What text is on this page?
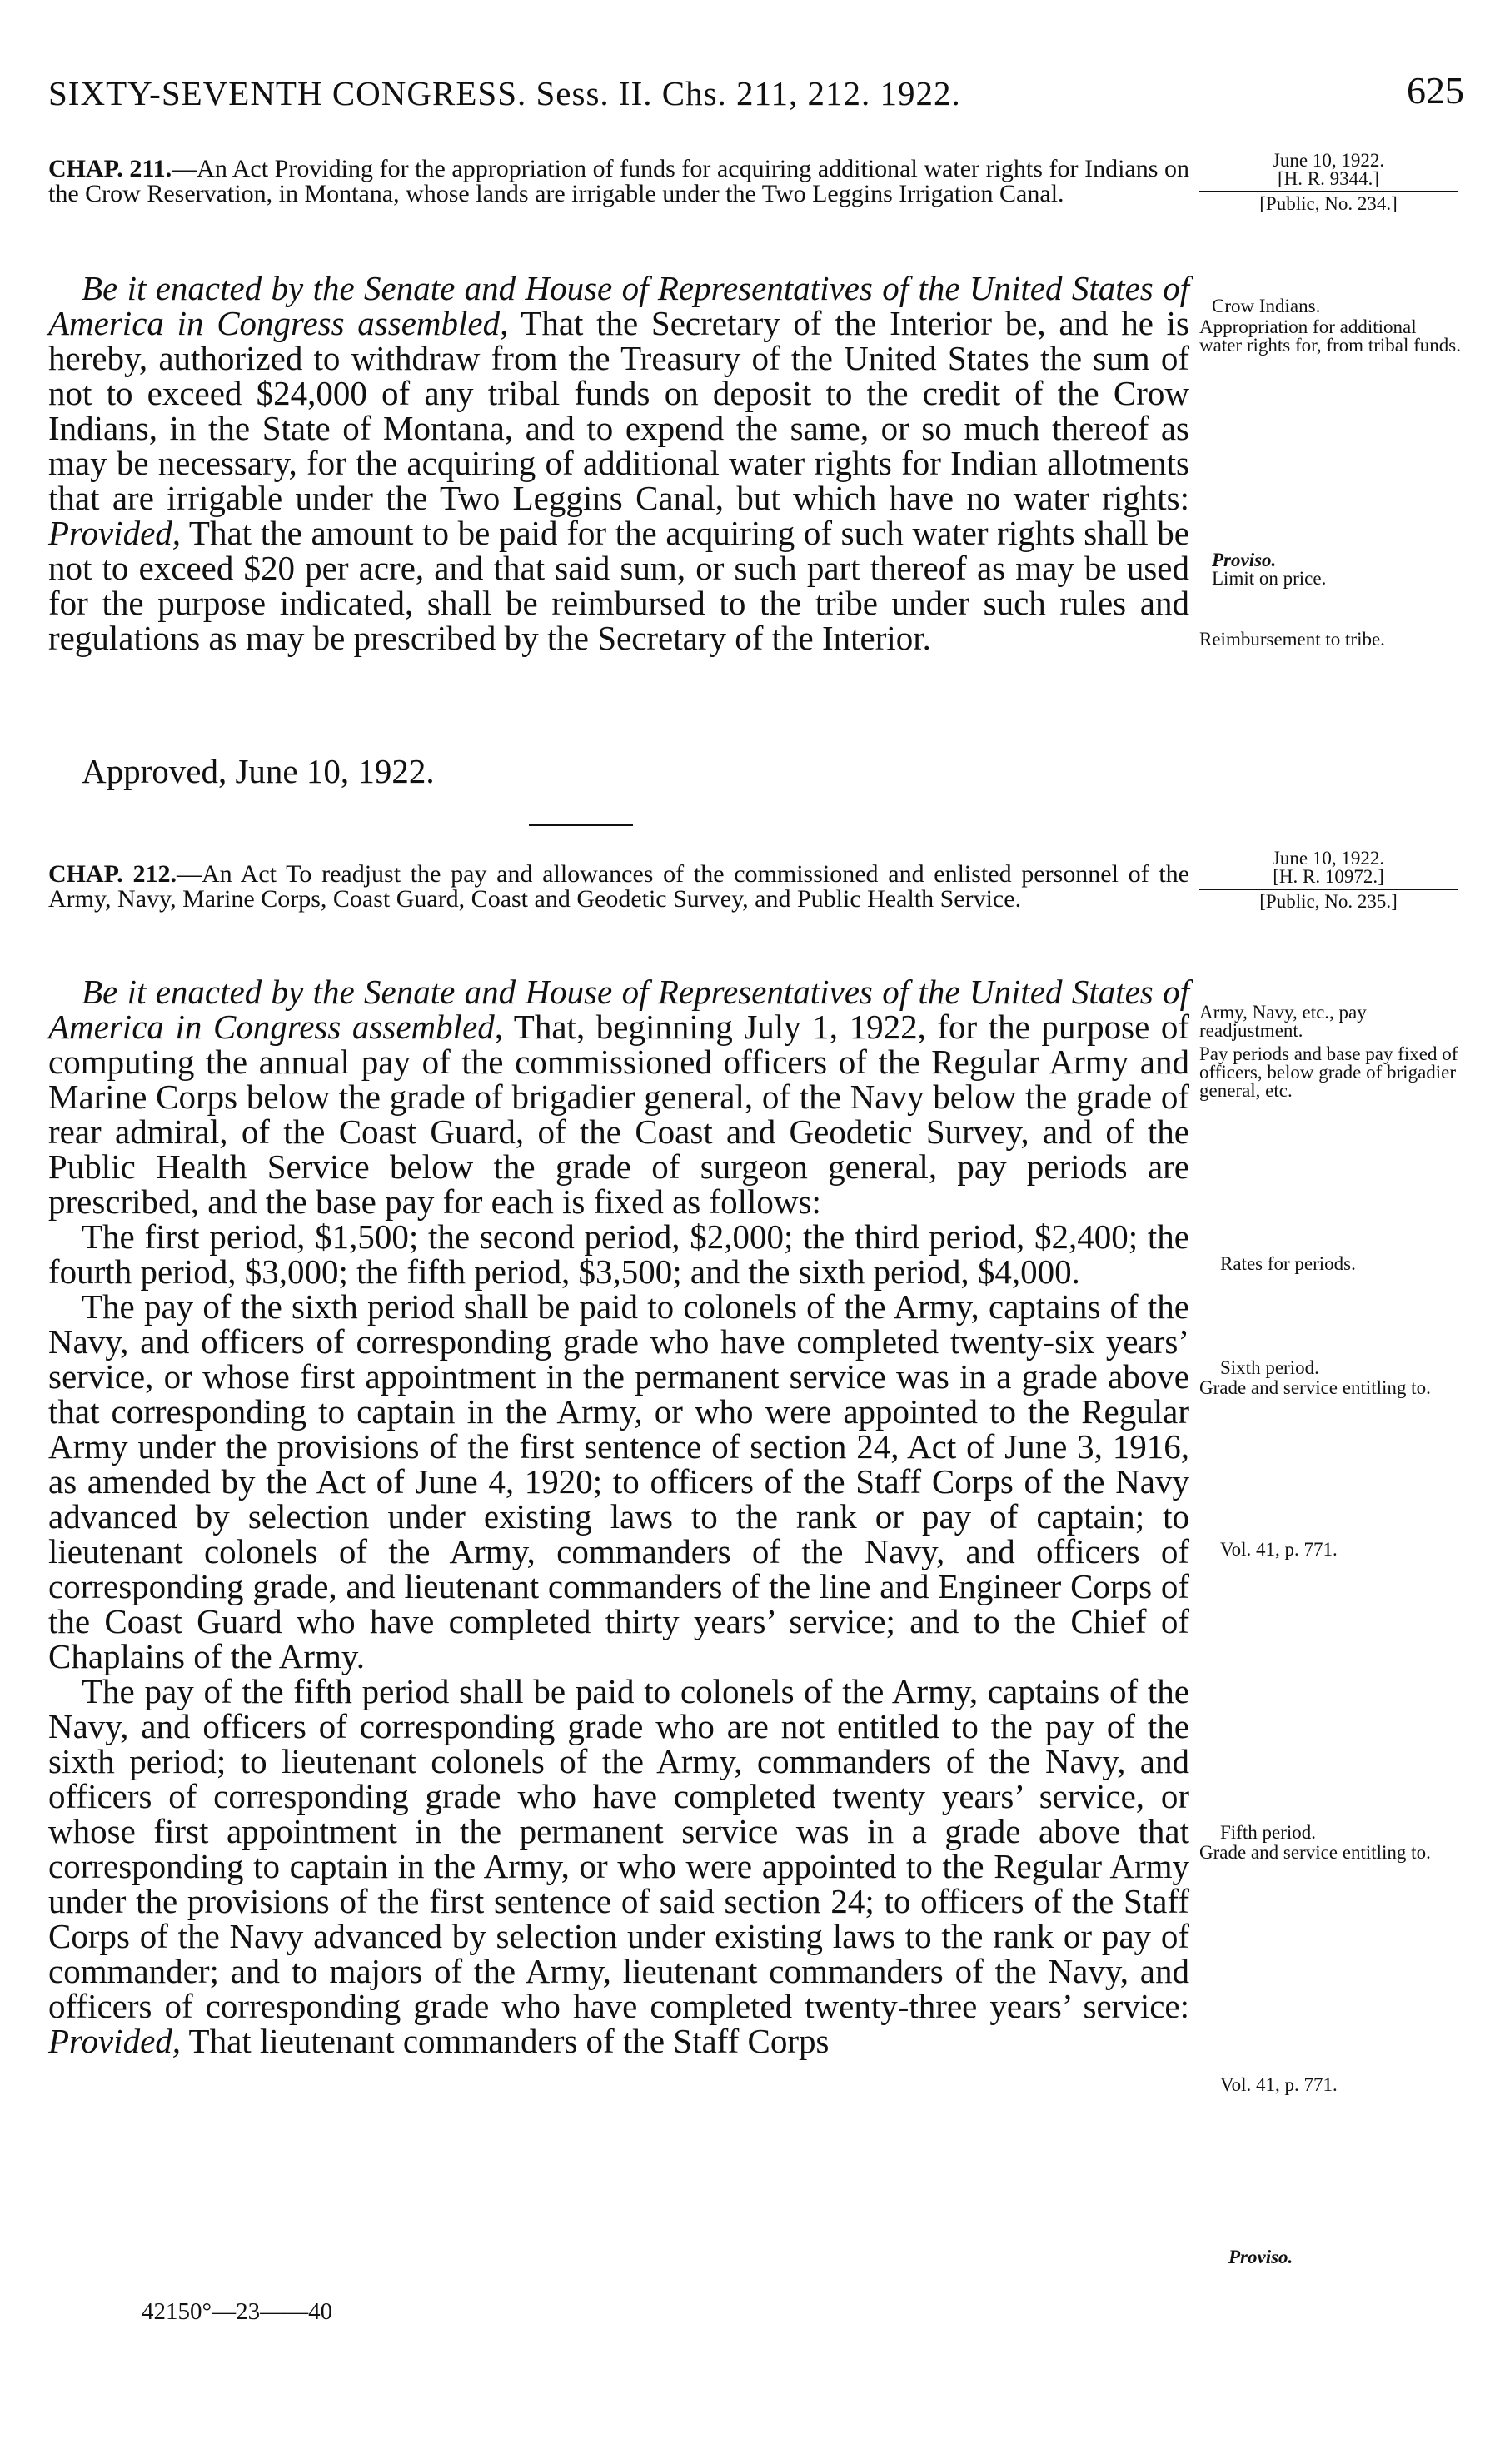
SIXTY-SEVENTH CONGRESS. Sess. II. Chs. 211, 212. 1922.	625
CHAP. 211.—An Act Providing for the appropriation of funds for acquiring additional water rights for Indians on the Crow Reservation, in Montana, whose lands are irrigable under the Two Leggins Irrigation Canal.
June 10, 1922.
[H. R. 9344.]
[Public, No. 234.]

Be it enacted by the Senate and House of Representatives of the United States of America in Congress assembled, That the Secretary of the Interior be, and he is hereby, authorized to withdraw from the Treasury of the United States the sum of not to exceed $24,000 of any tribal funds on deposit to the credit of the Crow Indians, in the State of Montana, and to expend the same, or so much thereof as may be necessary, for the acquiring of additional water rights for Indian allotments that are irrigable under the Two Leggins Canal, but which have no water rights: Provided, That the amount to be paid for the acquiring of such water rights shall be not to exceed $20 per acre, and that said sum, or such part thereof as may be used for the purpose indicated, shall be reimbursed to the tribe under such rules and regulations as may be prescribed by the Secretary of the Interior.

Approved, June 10, 1922.
Crow Indians.
Appropriation for additional water rights for, from tribal funds.
Proviso.
Limit on price.
Reimbursement to tribe.
CHAP. 212.—An Act To readjust the pay and allowances of the commissioned and enlisted personnel of the Army, Navy, Marine Corps, Coast Guard, Coast and Geodetic Survey, and Public Health Service.
June 10, 1922.
[H. R. 10972.]
[Public, No. 235.]

Be it enacted by the Senate and House of Representatives of the United States of America in Congress assembled, That, beginning July 1, 1922, for the purpose of computing the annual pay of the commissioned officers of the Regular Army and Marine Corps below the grade of brigadier general, of the Navy below the grade of rear admiral, of the Coast Guard, of the Coast and Geodetic Survey, and of the Public Health Service below the grade of surgeon general, pay periods are prescribed, and the base pay for each is fixed as follows:

The first period, $1,500; the second period, $2,000; the third period, $2,400; the fourth period, $3,000; the fifth period, $3,500; and the sixth period, $4,000.

The pay of the sixth period shall be paid to colonels of the Army, captains of the Navy, and officers of corresponding grade who have completed twenty-six years’ service, or whose first appointment in the permanent service was in a grade above that corresponding to captain in the Army, or who were appointed to the Regular Army under the provisions of the first sentence of section 24, Act of June 3, 1916, as amended by the Act of June 4, 1920; to officers of the Staff Corps of the Navy advanced by selection under existing laws to the rank or pay of captain; to lieutenant colonels of the Army, commanders of the Navy, and officers of corresponding grade, and lieutenant commanders of the line and Engineer Corps of the Coast Guard who have completed thirty years’ service; and to the Chief of Chaplains of the Army.

The pay of the fifth period shall be paid to colonels of the Army, captains of the Navy, and officers of corresponding grade who are not entitled to the pay of the sixth period; to lieutenant colonels of the Army, commanders of the Navy, and officers of corresponding grade who have completed twenty years’ service, or whose first appointment in the permanent service was in a grade above that corresponding to captain in the Army, or who were appointed to the Regular Army under the provisions of the first sentence of said section 24; to officers of the Staff Corps of the Navy advanced by selection under existing laws to the rank or pay of commander; and to majors of the Army, lieutenant commanders of the Navy, and officers of corresponding grade who have completed twenty-three years’ service: Provided, That lieutenant commanders of the Staff Corps

Army, Navy, etc., pay readjustment.
Pay periods and base pay fixed of officers, below grade of brigadier general, etc.
Rates for periods.
Sixth period.
Grade and service entitling to.
Vol. 41, p. 771.
Fifth period.
Grade and service entitling to.
Vol. 41, p. 771.
Proviso.
42150°—23——40
